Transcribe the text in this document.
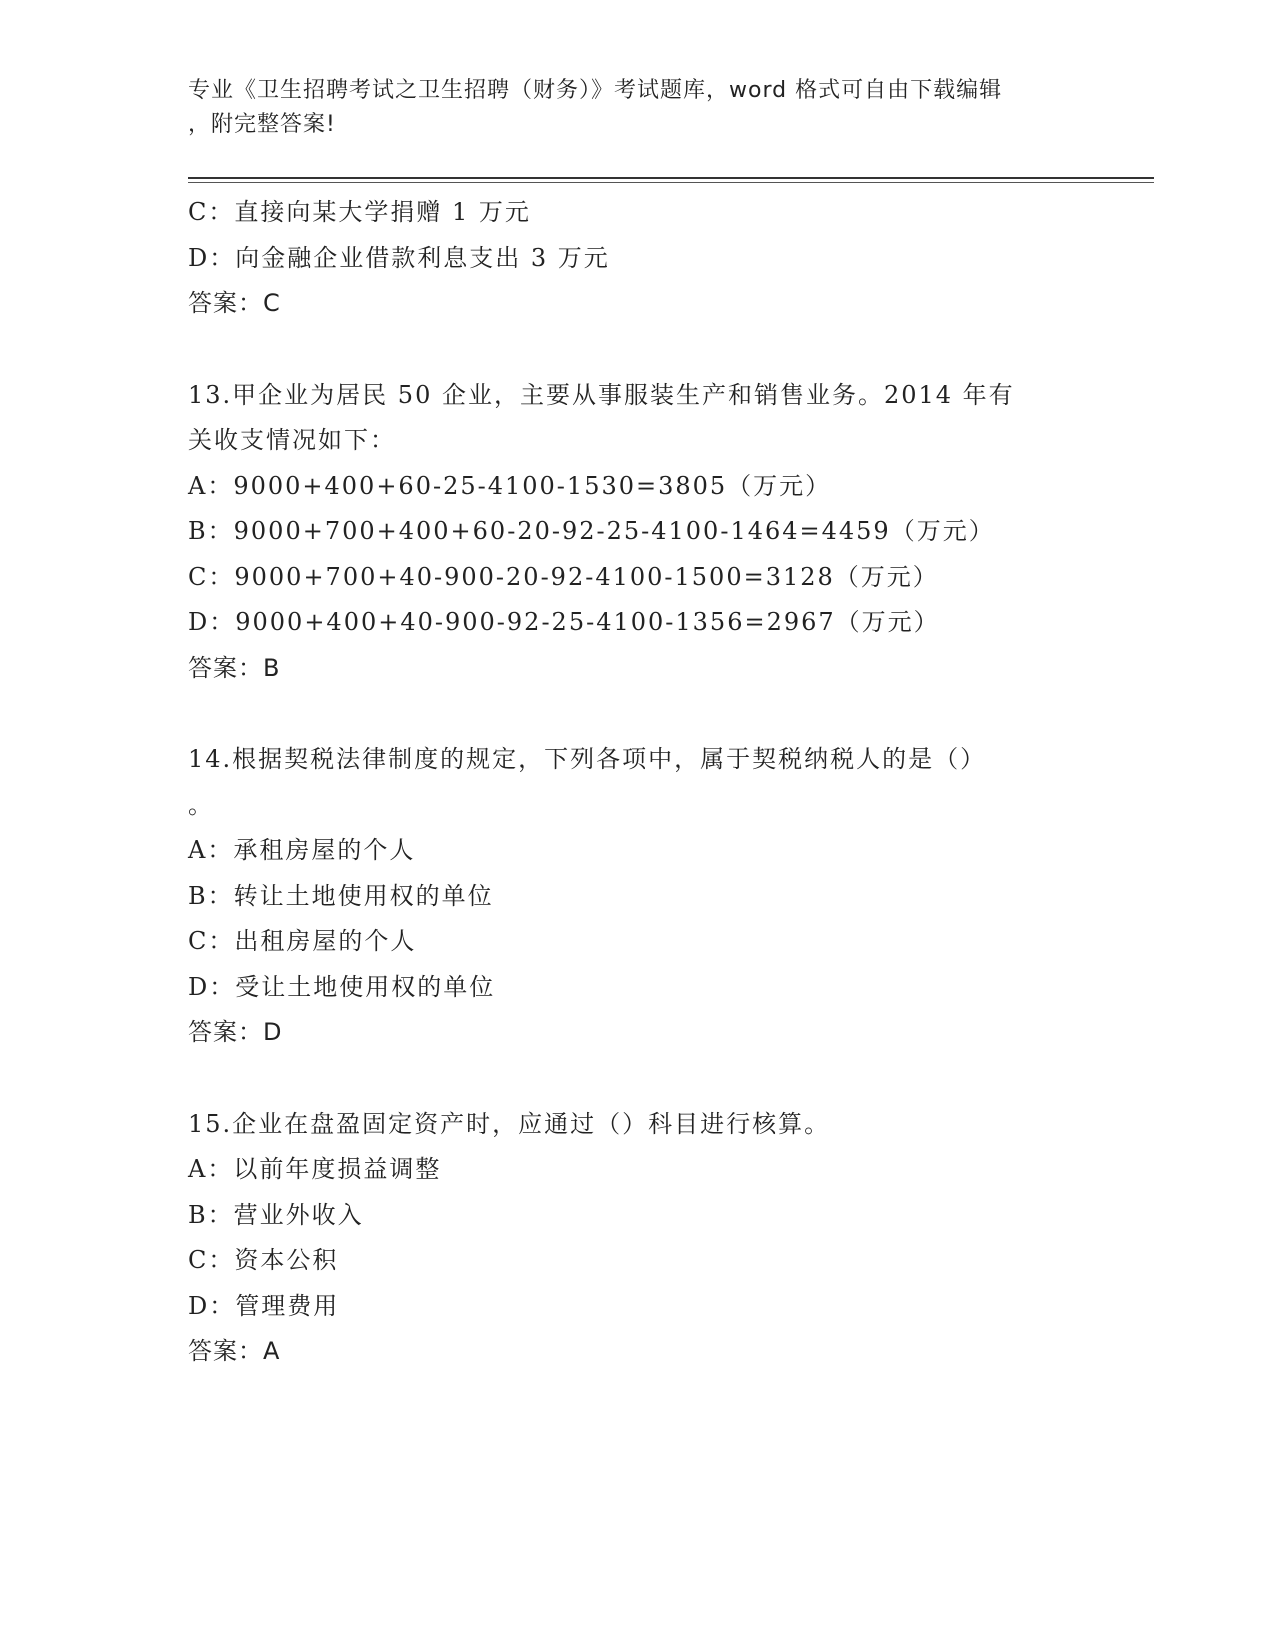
专业《卫生招聘考试之卫生招聘（财务）》考试题库，word 格式可自由下载编辑
，附完整答案!
C：直接向某大学捐赠 1 万元
D：向金融企业借款利息支出 3 万元
答案：C
13.甲企业为居民 50 企业，主要从事服装生产和销售业务。2014 年有
关收支情况如下：
A：9000+400+60-25-4100-1530=3805（万元）
B：9000+700+400+60-20-92-25-4100-1464=4459（万元）
C：9000+700+40-900-20-92-4100-1500=3128（万元）
D：9000+400+40-900-92-25-4100-1356=2967（万元）
答案：B
14.根据契税法律制度的规定，下列各项中，属于契税纳税人的是（）
。
A：承租房屋的个人
B：转让土地使用权的单位
C：出租房屋的个人
D：受让土地使用权的单位
答案：D
15.企业在盘盈固定资产时，应通过（）科目进行核算。
A：以前年度损益调整
B：营业外收入
C：资本公积
D：管理费用
答案：A
